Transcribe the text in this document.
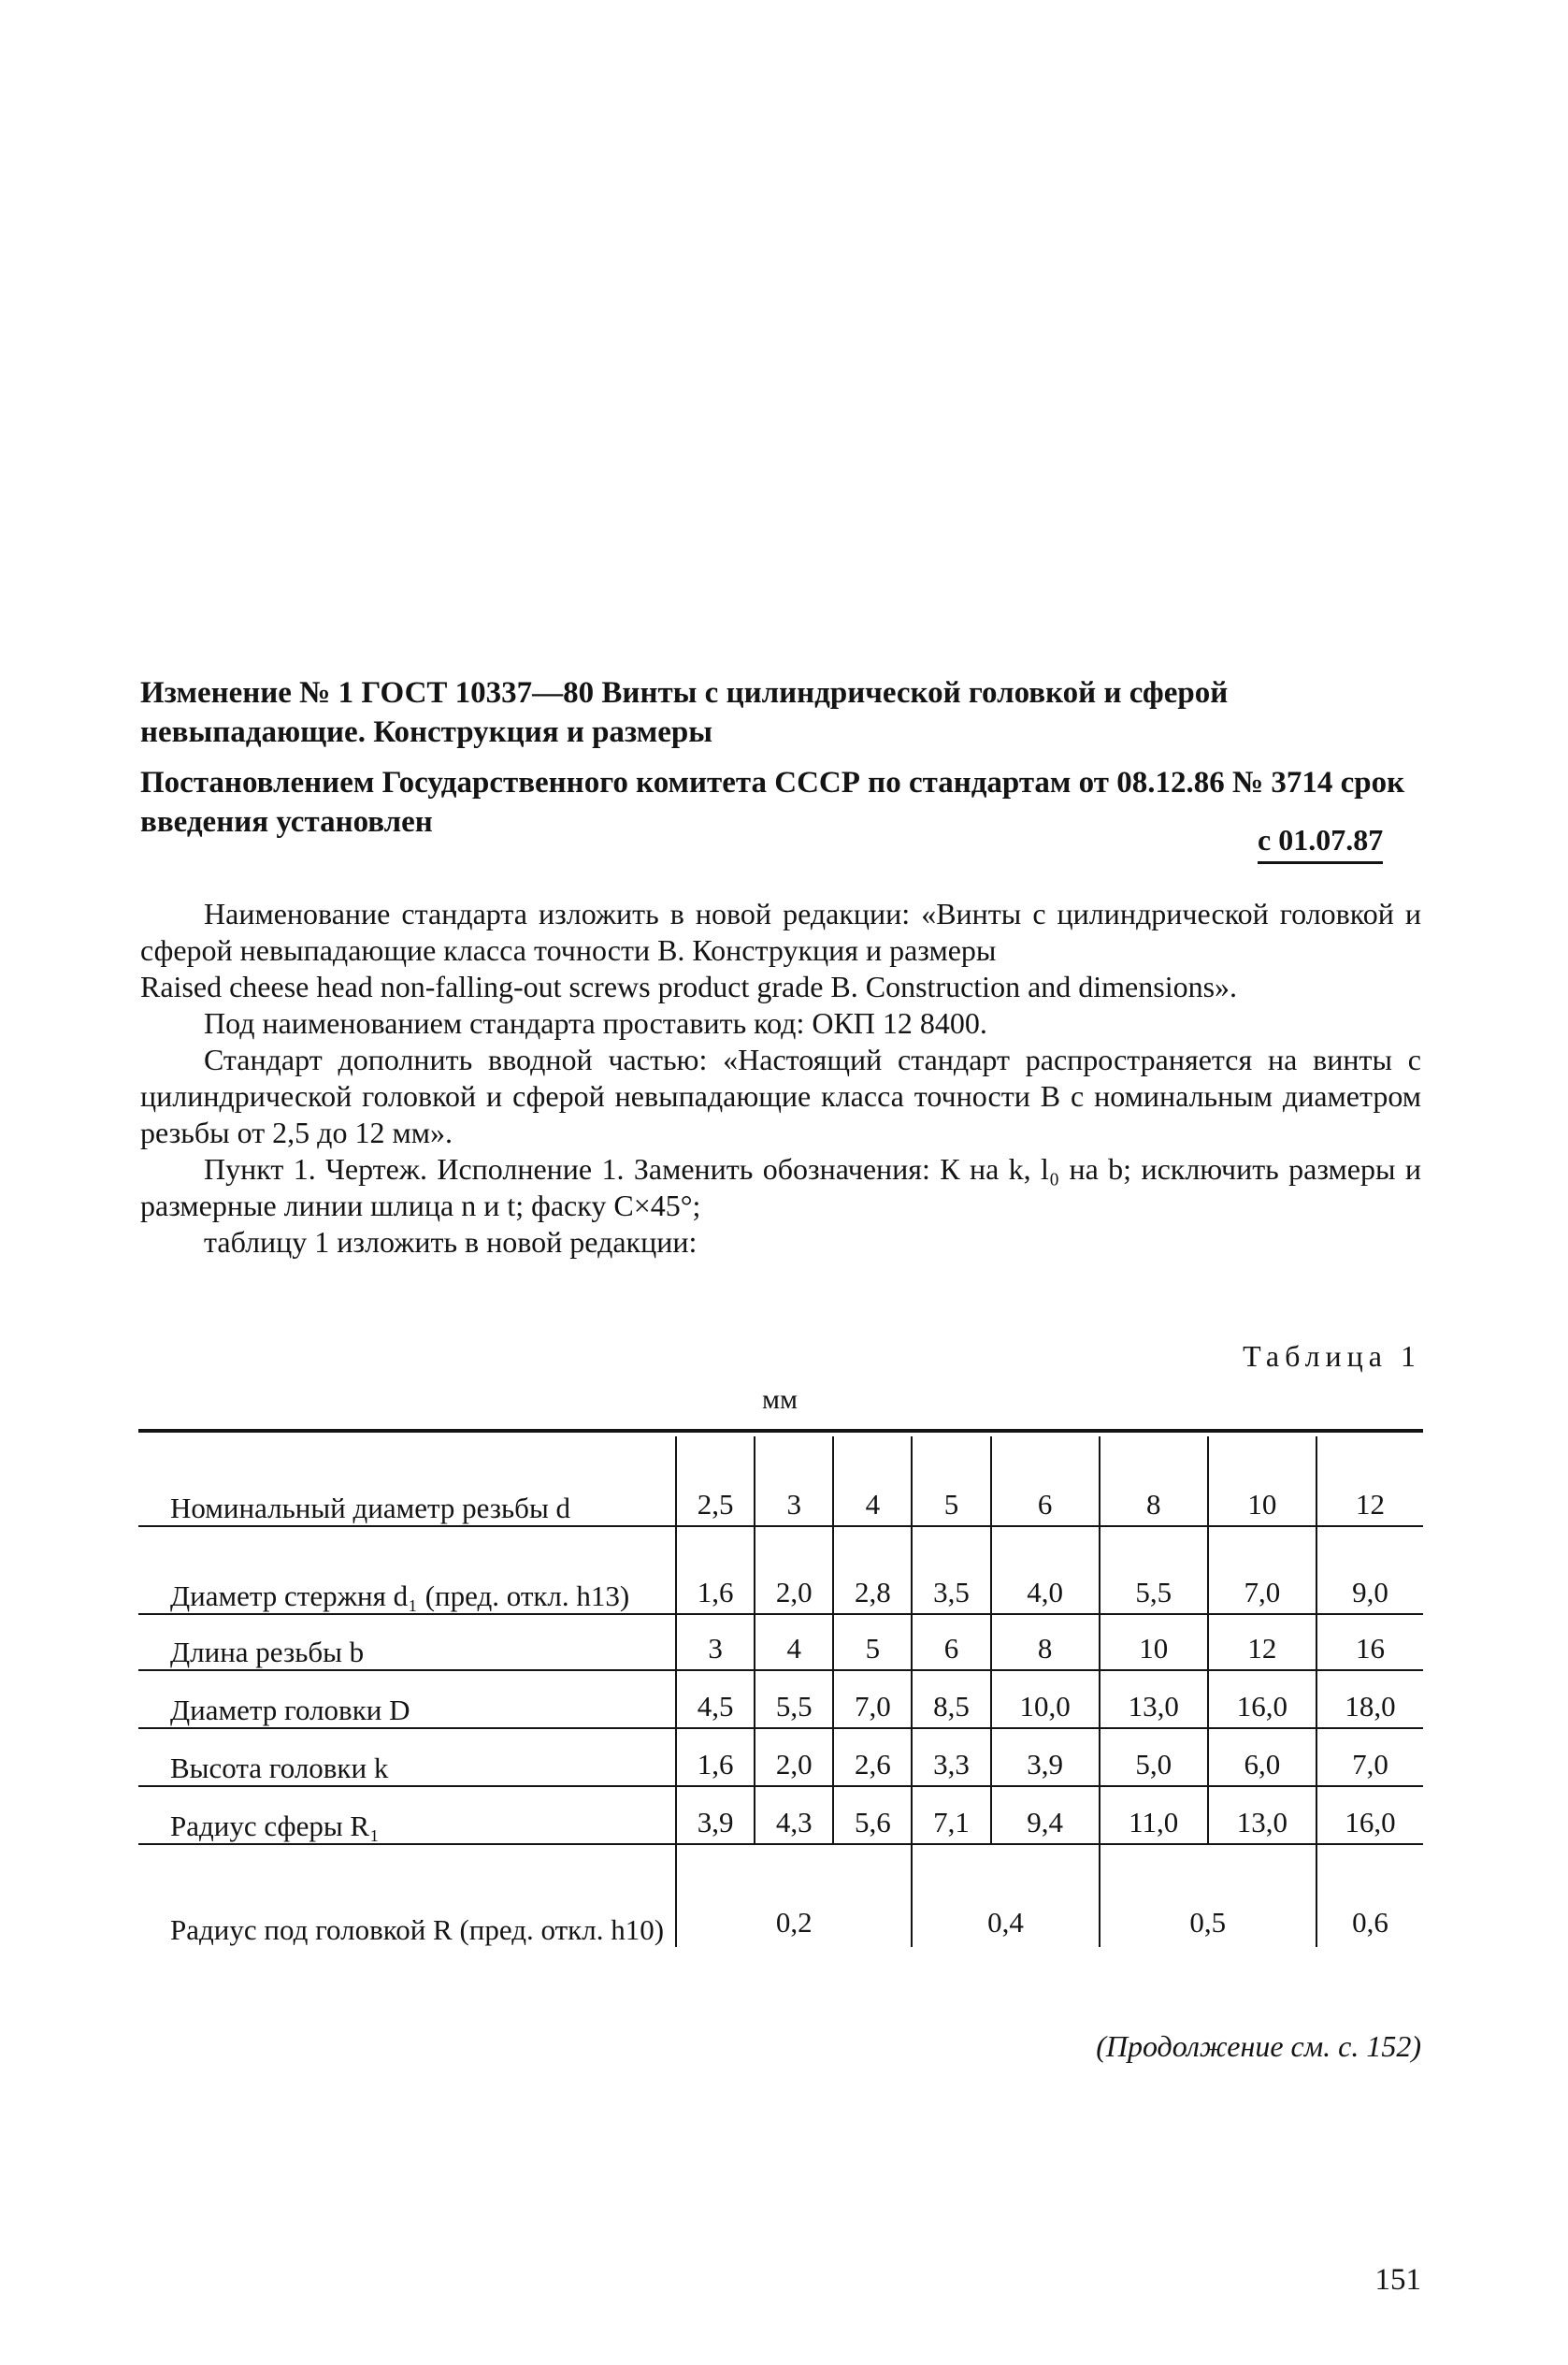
Изменение № 1 ГОСТ 10337—80 Винты с цилиндрической головкой и сферой невыпадающие. Конструкция и размеры

Постановлением Государственного комитета СССР по стандартам от 08.12.86 № 3714 срок введения установлен

с 01.07.87

Наименование стандарта изложить в новой редакции: «Винты с цилиндрической головкой и сферой невыпадающие класса точности В. Конструкция и размеры

Raised cheese head non-falling-out screws product grade B. Construction and dimensions».

Под наименованием стандарта проставить код: ОКП 12 8400.

Стандарт дополнить вводной частью: «Настоящий стандарт распространяется на винты с цилиндрической головкой и сферой невыпадающие класса точности В с номинальным диаметром резьбы от 2,5 до 12 мм».

Пункт 1. Чертеж. Исполнение 1. Заменить обозначения: К на k, l₀ на b; исключить размеры и размерные линии шлица n и t; фаску С×45°;

таблицу 1 изложить в новой редакции:

Таблица 1
мм
Номинальный диаметр резьбы d	2,5	3	4	5	6	8	10	12
Диаметр стержня d₁ (пред. откл. h13)	1,6	2,0	2,8	3,5	4,0	5,5	7,0	9,0
Длина резьбы b	3	4	5	6	8	10	12	16
Диаметр головки D	4,5	5,5	7,0	8,5	10,0	13,0	16,0	18,0
Высота головки k	1,6	2,0	2,6	3,3	3,9	5,0	6,0	7,0
Радиус сферы R₁	3,9	4,3	5,6	7,1	9,4	11,0	13,0	16,0
Радиус под головкой R (пред. откл. h10)	0,2			0,4		0,5		0,6
(Продолжение см. с. 152)
151
